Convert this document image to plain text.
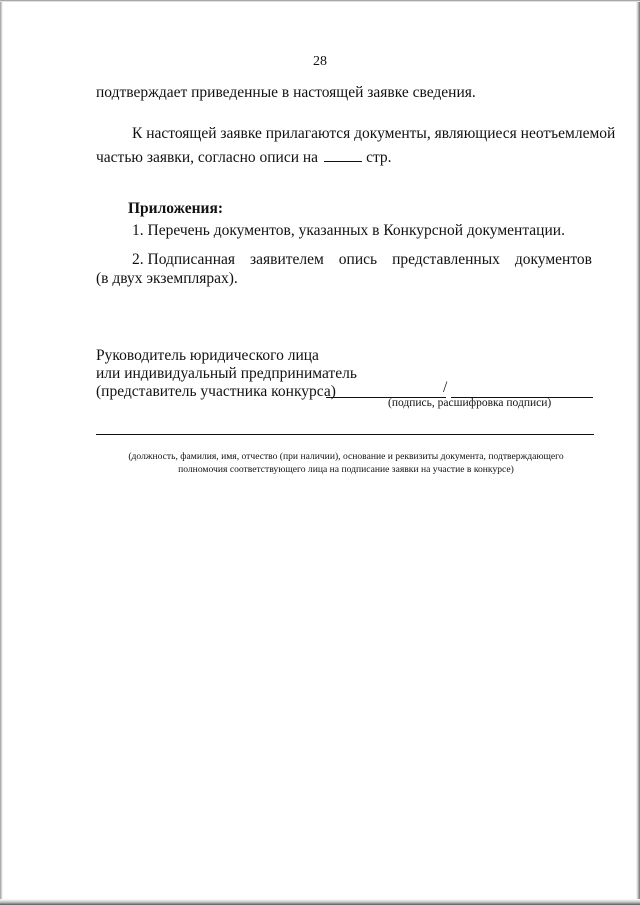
28
подтверждает приведенные в настоящей заявке сведения.
К настоящей заявке прилагаются документы, являющиеся неотъемлемой
частью заявки, согласно описи на	стр.
Приложения:
1. Перечень документов, указанных в Конкурсной документации.
2. Подписанная заявителем опись представленных документов
(в двух экземплярах).
Руководитель юридического лица
или индивидуальный предприниматель
(представитель участника конкурса)	/
(подпись, расшифровка подписи)
(должность, фамилия, имя, отчество (при наличии), основание и реквизиты документа, подтверждающего
полномочия соответствующего лица на подписание заявки на участие в конкурсе)
